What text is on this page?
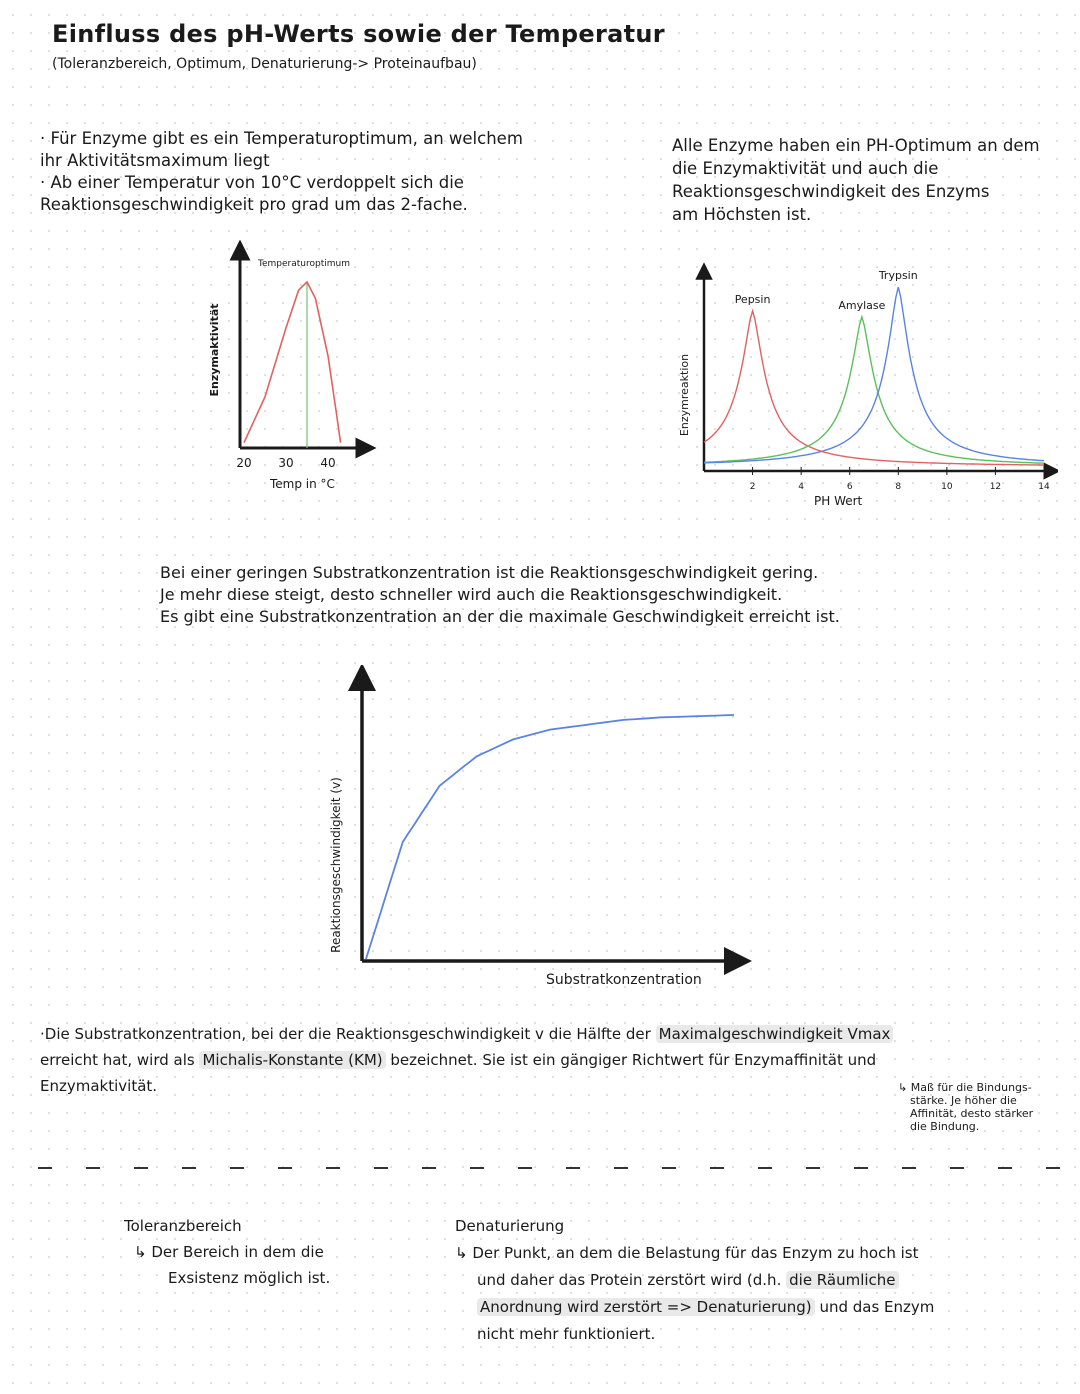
Einfluss des pH-Werts sowie der Temperatur
(Toleranzbereich, Optimum, Denaturierung-> Proteinaufbau)
· Für Enzyme gibt es ein Temperaturoptimum, an welchem
ihr Aktivitätsmaximum liegt
· Ab einer Temperatur von 10°C verdoppelt sich die
Reaktionsgeschwindigkeit pro grad um das 2-fache.
Alle Enzyme haben ein PH-Optimum an dem
die Enzymaktivität und auch die
Reaktionsgeschwindigkeit des Enzyms
am Höchsten ist.
Enzymaktivität
Temperaturoptimum
20 30 40
Temp in °C
Enzymreaktion
2	4	6	8	10	12	14
Pepsin	Amylase
Trypsin
PH Wert
Bei einer geringen Substratkonzentration ist die Reaktionsgeschwindigkeit gering.
Je mehr diese steigt, desto schneller wird auch die Reaktionsgeschwindigkeit.
Es gibt eine Substratkonzentration an der die maximale Geschwindigkeit erreicht ist.
Reaktionsgeschwindigkeit (v)
Substratkonzentration
·Die Substratkonzentration, bei der die Reaktionsgeschwindigkeit v die Hälfte der Maximalgeschwindigkeit Vmax
erreicht hat, wird als Michalis-Konstante (KM) bezeichnet. Sie ist ein gängiger Richtwert für Enzymaffinität und
Enzymaktivität.	↳ Maß für die Bindungs-
stärke. Je höher die
Affinität, desto stärker
die Bindung.
Toleranzbereich
↳ Der Bereich in dem die
Exsistenz möglich ist.
Denaturierung
↳ Der Punkt, an dem die Belastung für das Enzym zu hoch ist
und daher das Protein zerstört wird (d.h. die Räumliche
Anordnung wird zerstört => Denaturierung) und das Enzym
nicht mehr funktioniert.
